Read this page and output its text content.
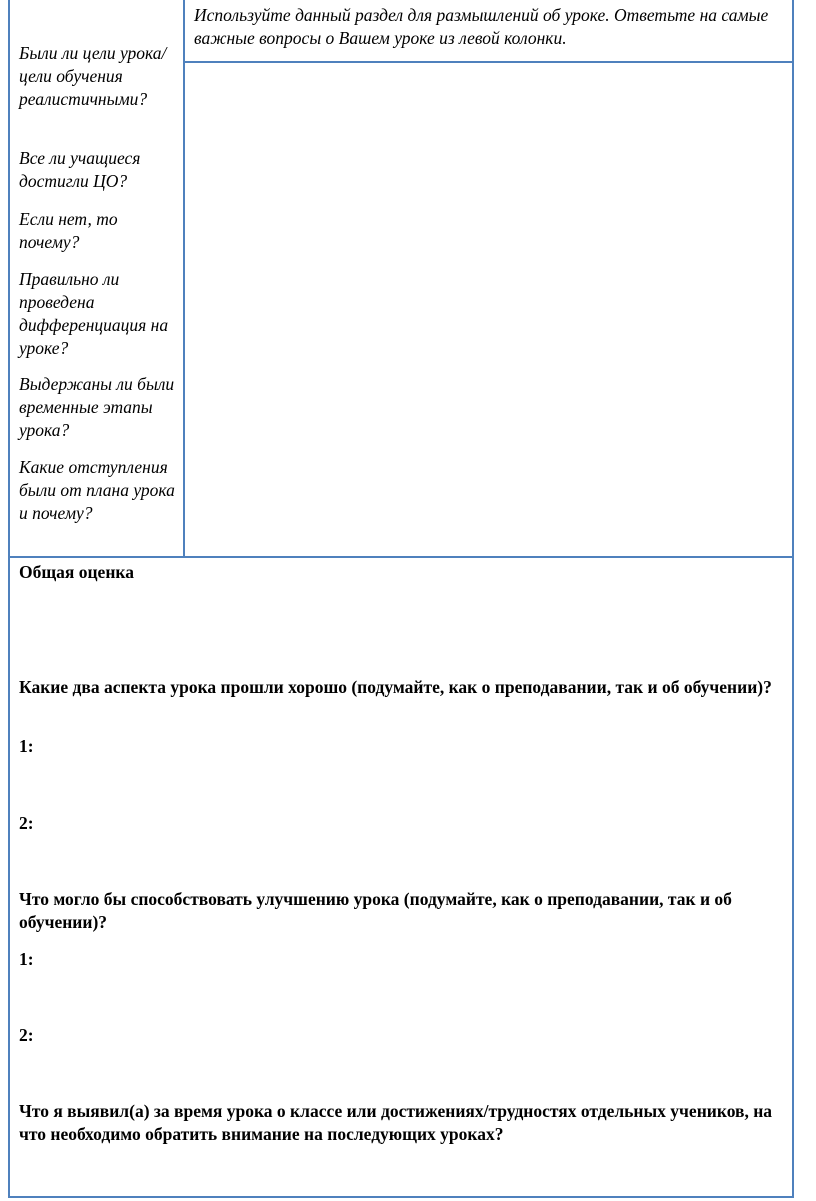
Были ли цели урока/цели обучения реалистичными?
Все ли учащиеся достигли ЦО?
Если нет, то почему?
Правильно ли проведена дифференциация на уроке?
Выдержаны ли были временные этапы урока?
Какие отступления были от плана урока и почему?
Используйте данный раздел для размышлений об уроке. Ответьте на самые важные вопросы о Вашем уроке из левой колонки.
Общая оценка
Какие два аспекта урока прошли хорошо (подумайте, как о преподавании, так и об обучении)?
1:
2:
Что могло бы способствовать улучшению урока (подумайте, как о преподавании, так и об обучении)?
1:
2:
Что я выявил(а) за время урока о классе или достижениях/трудностях отдельных учеников, на что необходимо обратить внимание на последующих уроках?
